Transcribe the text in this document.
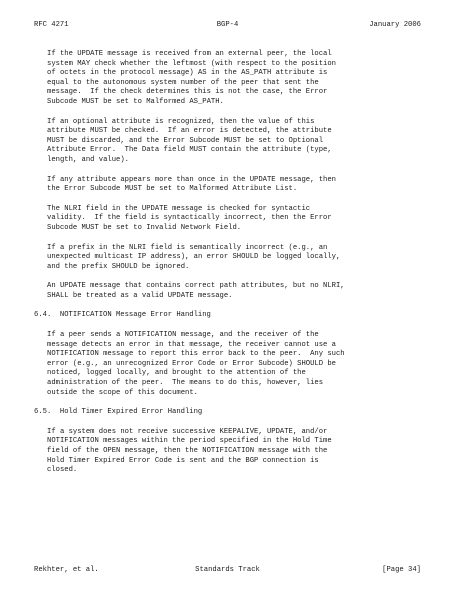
RFC 4271	BGP-4	January 2006
If the UPDATE message is received from an external peer, the local
system MAY check whether the leftmost (with respect to the position
of octets in the protocol message) AS in the AS_PATH attribute is
equal to the autonomous system number of the peer that sent the
message.  If the check determines this is not the case, the Error
Subcode MUST be set to Malformed AS_PATH.
If an optional attribute is recognized, then the value of this
attribute MUST be checked.  If an error is detected, the attribute
MUST be discarded, and the Error Subcode MUST be set to Optional
Attribute Error.  The Data field MUST contain the attribute (type,
length, and value).
If any attribute appears more than once in the UPDATE message, then
the Error Subcode MUST be set to Malformed Attribute List.
The NLRI field in the UPDATE message is checked for syntactic
validity.  If the field is syntactically incorrect, then the Error
Subcode MUST be set to Invalid Network Field.
If a prefix in the NLRI field is semantically incorrect (e.g., an
unexpected multicast IP address), an error SHOULD be logged locally,
and the prefix SHOULD be ignored.
An UPDATE message that contains correct path attributes, but no NLRI,
SHALL be treated as a valid UPDATE message.
6.4.  NOTIFICATION Message Error Handling
If a peer sends a NOTIFICATION message, and the receiver of the
message detects an error in that message, the receiver cannot use a
NOTIFICATION message to report this error back to the peer.  Any such
error (e.g., an unrecognized Error Code or Error Subcode) SHOULD be
noticed, logged locally, and brought to the attention of the
administration of the peer.  The means to do this, however, lies
outside the scope of this document.
6.5.  Hold Timer Expired Error Handling
If a system does not receive successive KEEPALIVE, UPDATE, and/or
NOTIFICATION messages within the period specified in the Hold Time
field of the OPEN message, then the NOTIFICATION message with the
Hold Timer Expired Error Code is sent and the BGP connection is
closed.
Rekhter, et al.	Standards Track	[Page 34]
